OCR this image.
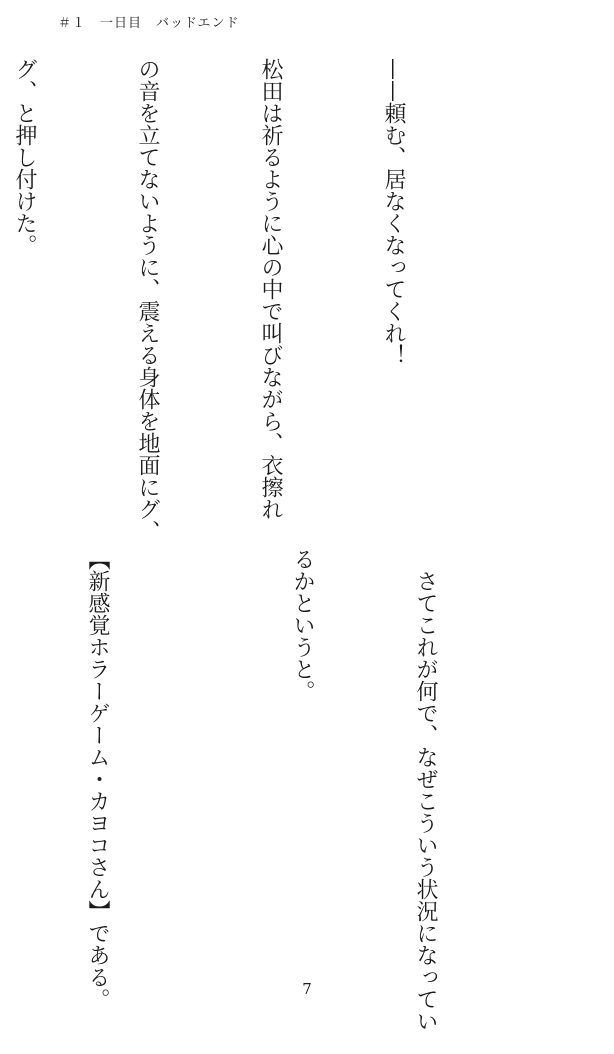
＃１　一日目　バッドエンド

——頼む、居なくなってくれ！

松田は祈るように心の中で叫びながら、衣擦れ

の音を立てないように、震える身体を地面にグ、

グ、と押し付けた。

　さてこれが何で、なぜこういう状況になってい

るかというと。

【新感覚ホラーゲーム・カヨコさん】である。

	7
